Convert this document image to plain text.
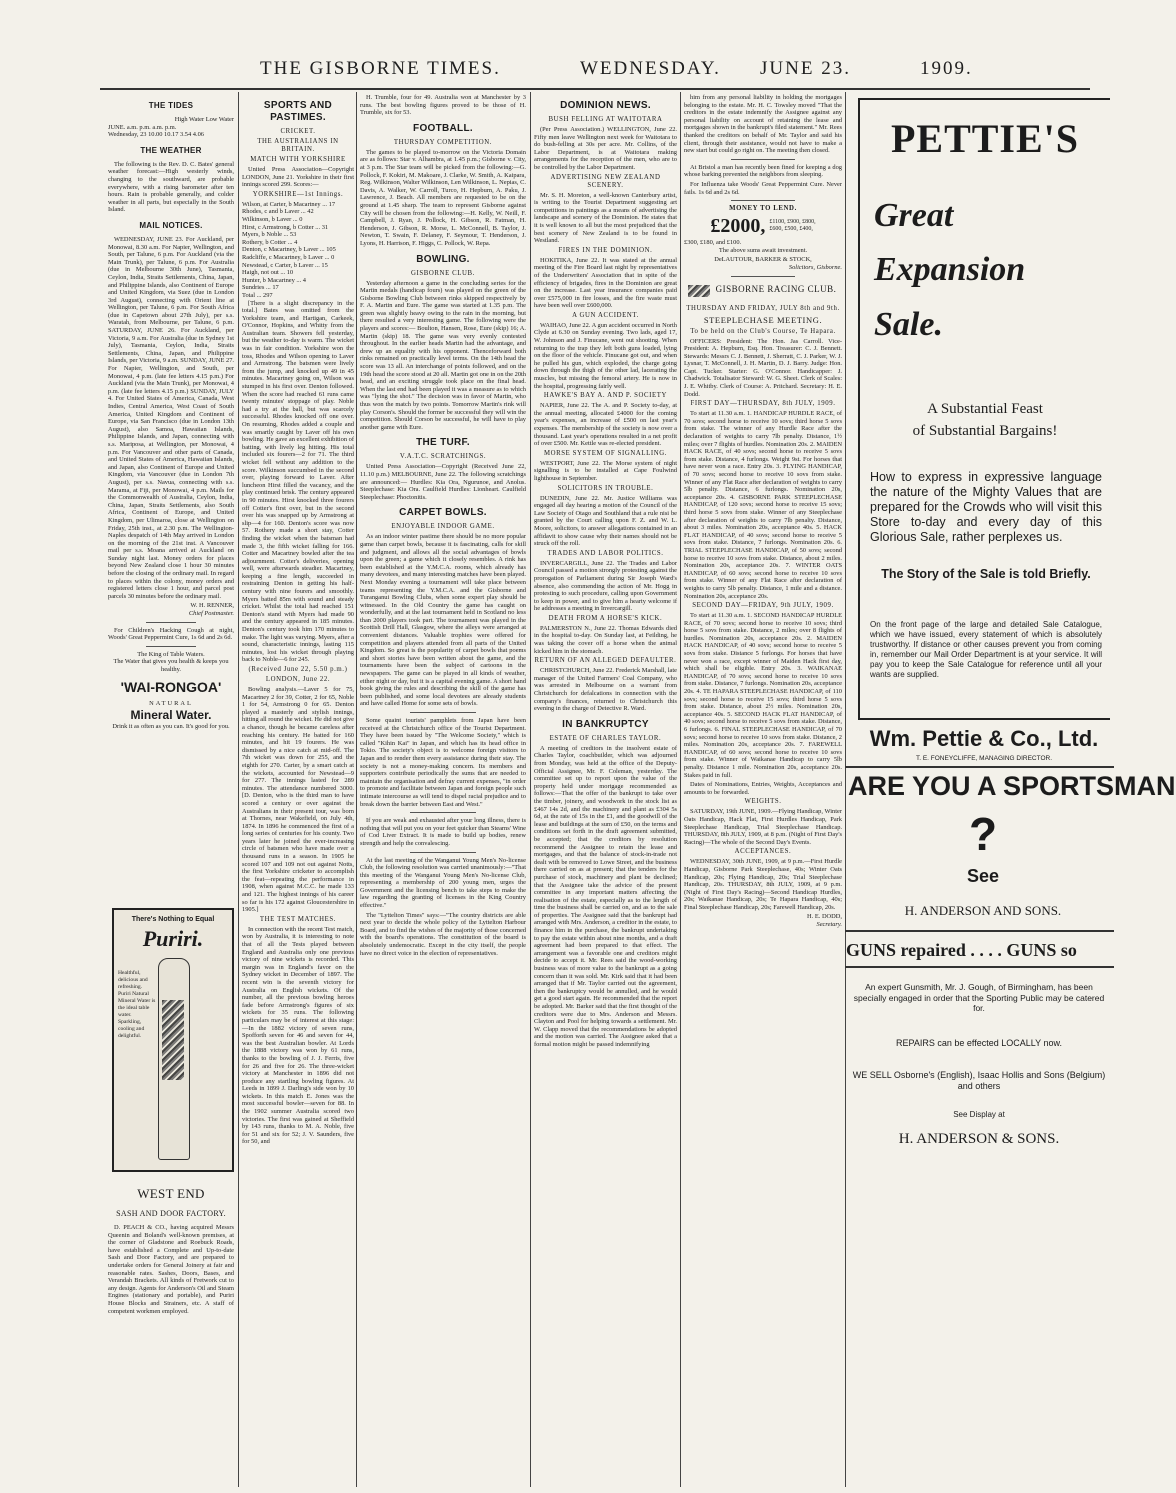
THE GISBORNE TIMES.	WEDNESDAY. JUNE 23.	1909.
THE TIDES
High Water Low Water
JUNE. a.m. p.m. a.m. p.m.
Wednesday, 23 10.00 10.17 3.54 4.06
THE WEATHER

The following is the Rev. D. C. Bates' general weather forecast:—High westerly winds, changing to the southward, are probable everywhere, with a rising barometer after ten hours. Rain is probable generally, and colder weather in all parts, but especially in the South Island.

MAIL NOTICES.

WEDNESDAY, JUNE 23. For Auckland, per Monowai, 8.30 a.m. For Napier, Wellington, and South, per Talune, 6 p.m. For Auckland (via the Main Trunk), per Talune, 6 p.m. For Australia (due in Melbourne 30th June), Tasmania, Ceylon, India, Straits Settlements, China, Japan, and Philippine Islands, also Continent of Europe and United Kingdom, via Suez (due in London 3rd August), connecting with Orient line at Wellington, per Talune, 6 p.m. For South Africa (due in Capetown about 27th July), per s.s. Waratah, from Melbourne, per Talune, 6 p.m. SATURDAY, JUNE 26. For Auckland, per Victoria, 9 a.m. For Australia (due in Sydney 1st July), Tasmania, Ceylon, India, Straits Settlements, China, Japan, and Philippine Islands, per Victoria, 9 a.m. SUNDAY, JUNE 27. For Napier, Wellington, and South, per Monowai, 4 p.m. (late fee letters 4.15 p.m.) For Auckland (via the Main Trunk), per Monowai, 4 p.m. (late fee letters 4.15 p.m.) SUNDAY, JULY 4. For United States of America, Canada, West Indies, Central America, West Coast of South America, United Kingdom and Continent of Europe, via San Francisco (due in London 13th August), also Samoa, Hawaiian Islands, Philippine Islands, and Japan, connecting with s.s. Mariposa, at Wellington, per Monowai, 4 p.m. For Vancouver and other parts of Canada, and United States of America, Hawaiian Islands, and Japan, also Continent of Europe and United Kingdom, via Vancouver (due in London 7th August), per s.s. Navua, connecting with s.s. Marama, at Fiji, per Monowai, 4 p.m. Mails for the Commonwealth of Australia, Ceylon, India, China, Japan, Straits Settlements, also South Africa, Continent of Europe, and United Kingdom, per Ulimaroa, close at Wellington on Friday, 25th inst., at 2.30 p.m. The Wellington-Naples despatch of 14th May arrived in London on the morning of the 21st inst. A Vancouver mail per s.s. Moana arrived at Auckland on Sunday night last. Money orders for places beyond New Zealand close 1 hour 30 minutes before the closing of the ordinary mail. In regard to places within the colony, money orders and registered letters close 1 hour, and parcel post parcels 30 minutes before the ordinary mail.

W. H. RENNER,
Chief Postmaster.

For Children's Hacking Cough at night, Woods' Great Peppermint Cure, 1s 6d and 2s 6d.

The King of Table Waters.
The Water that gives you health & keeps you healthy.
'WAI-RONGOA'
NATURAL
Mineral Water.
Drink it as often as you can. It's good for you.
There's Nothing to Equal
Puriri.
Healthful, delicious and refreshing. Puriri Natural Mineral Water is the ideal table water. Sparkling, cooling and delightful.
WEST END
SASH AND DOOR FACTORY.

D. PEACH & CO., having acquired Messrs Queenin and Boland's well-known premises, at the corner of Gladstone and Roebuck Roads, have established a Complete and Up-to-date Sash and Door Factory, and are prepared to undertake orders for General Joinery at fair and reasonable rates. Sashes, Doors, Bases, and Verandah Brackets. All kinds of Fretwork cut to any design. Agents for Anderson's Oil and Steam Engines (stationary and portable), and Puriri House Blocks and Strainers, etc. A staff of competent workmen employed.

SPORTS AND PASTIMES.
CRICKET.
THE AUSTRALIANS IN BRITAIN.
MATCH WITH YORKSHIRE

United Press Association—Copyright LONDON, June 21. Yorkshire in their first innings scored 299. Scores:—

YORKSHIRE—1st Innings.
Wilson, at Carter, b Macartney ... 17
Rhodes, c and b Laver ... 42
Wilkinson, b Laver ... 0
Hirst, c Armstrong, b Cotter ... 31
Myers, b Noble ... 53
Rothery, b Cotter ... 4
Denton, c Macartney, b Laver ... 105
Radcliffe, c Macartney, b Laver ... 0
Newstead, c Carter, b Laver ... 15
Haigh, not out ... 10
Hunter, b Macartney ... 4
Sundries ... 17
Total ... 297

[There is a slight discrepancy in the total.] Bates was omitted from the Yorkshire team, and Hartigan, Carkeek, O'Connor, Hopkins, and Whitty from the Australian team. Showers fell yesterday, but the weather to-day is warm. The wicket was in fair condition. Yorkshire won the toss, Rhodes and Wilson opening to Laver and Armstrong. The batsmen were lively from the jump, and knocked up 49 in 45 minutes. Macartney going on, Wilson was stumped in his first over. Denton followed. When the score had reached 61 runs came twenty minutes' stoppage of play. Noble had a try at the ball, but was scarcely successful. Rhodes knocked off one over. On resuming, Rhodes added a couple and was smartly caught by Laver off his own bowling. He gave an excellent exhibition of batting, with lively leg hitting. His total included six fourers—2 for 71. The third wicket fell without any addition to the score. Wilkinson succumbed in the second over, playing forward to Laver. After luncheon Hirst filled the vacancy, and the play continued brisk. The century appeared in 90 minutes. Hirst knocked three fourers off Cotter's first over, but in the second over his was snapped up by Armstrong at slip—4 for 160. Denton's score was now 57. Rothery made a short stay, Cotter finding the wicket when the batsman had made 3, the fifth wicket falling for 166. Cotter and Macartney bowled after the tea adjournment. Cotter's deliveries, opening well, were afterwards steadier. Macartney, keeping a fine length, succeeded in restraining Denton in getting his half-century with nine fourers and smoothly. Myers batted 85m with sound and steady cricket. Whilst the total had reached 151 Denton's stand with Myers had made 90 and the century appeared in 185 minutes. Denton's century took him 170 minutes to make. The light was varying. Myers, after a sound, characteristic innings, lasting 115 minutes, lost his wicket through playing back to Noble—6 for 245.

(Received June 22, 5.50 p.m.)
LONDON, June 22.

Bowling analysis.—Laver 5 for 75, Macartney 2 for 39, Cotter, 2 for 65, Noble 1 for 54, Armstrong 0 for 65. Denton played a masterly and stylish innings, hitting all round the wicket. He did not give a chance, though he became careless after reaching his century. He batted for 160 minutes, and hit 19 fourers. He was dismissed by a nice catch at mid-off. The 7th wicket was down for 255, and the eighth for 270. Carter, by a smart catch at the wickets, accounted for Newstead—9 for 277. The innings lasted for 289 minutes. The attendance numbered 3000. [D. Denton, who is the third man to have scored a century or over against the Australians in their present tour, was born at Thornes, near Wakefield, on July 4th, 1874. In 1896 he commenced the first of a long series of centuries for his county. Two years later he joined the ever-increasing circle of batsmen who have made over a thousand runs in a season. In 1905 he scored 107 and 109 not out against Notts, the first Yorkshire cricketer to accomplish the feat—repeating the performance in 1908, when against M.C.C. he made 133 and 121. The highest innings of his career so far is his 172 against Gloucestershire in 1905.]

THE TEST MATCHES.

In connection with the recent Test match, won by Australia, it is interesting to note that of all the Tests played between England and Australia only one previous victory of nine wickets is recorded. This margin was in England's favor on the Sydney wicket in December of 1897. The recent win is the seventh victory for Australia on English wickets. Of the number, all the previous bowling heroes fade before Armstrong's figures of six wickets for 35 runs. The following particulars may be of interest at this stage:—In the 1882 victory of seven runs, Spofforth seven for 46 and seven for 44, was the best Australian bowler. At Lords the 1888 victory was won by 61 runs, thanks to the bowling of J. J. Ferris, five for 26 and five for 26. The three-wicket victory at Manchester in 1896 did not produce any startling bowling figures. At Leeds in 1899 J. Darling's side won by 10 wickets. In this match E. Jones was the most successful bowler—seven for 88. In the 1902 summer Australia scored two victories. The first was gained at Sheffield by 143 runs, thanks to M. A. Noble, five for 51 and six for 52; J. V. Saunders, five for 50, and

H. Trumble, four for 49. Australia won at Manchester by 3 runs. The best bowling figures proved to be those of H. Trumble, six for 53.

FOOTBALL.
THURSDAY COMPETITION.

The games to be played to-morrow on the Victoria Domain are as follows: Star v. Alhambra, at 1.45 p.m.; Gisborne v. City, at 3 p.m. The Star team will be picked from the following:—G. Pollock, F. Kokiri, M. Makoare, J. Clarke, W. Smith, A. Kaipara, Reg. Wilkinson, Walter Wilkinson, Len Wilkinson, L. Nepias, C. Davis, A. Walker, W. Carroll, Turco, H. Hepburn, A. Paku, J. Lawrence, J. Beach. All members are requested to be on the ground at 1.45 sharp. The team to represent Gisborne against City will be chosen from the following:—H. Kelly, W. Neill, F. Campbell, J. Ryan, J. Pollock, H. Gibson, R. Fatman, H. Henderson, J. Gibson, R. Morse, L. McConnell, B. Taylor, J. Newton, T. Swain, F. Delaney, F. Seymour, T. Henderson, J. Lyons, H. Harrison, F. Higgs, C. Pollock, W. Repa.

BOWLING.
GISBORNE CLUB.

Yesterday afternoon a game in the concluding series for the Martin medals (handicap fours) was played on the green of the Gisborne Bowling Club between rinks skipped respectively by F. A. Martin and Eure. The game was started at 1.35 p.m. The green was slightly heavy owing to the rain in the morning, but there resulted a very interesting game. The following were the players and scores:— Boulton, Hansen, Rose, Eure (skip) 16; A. Martin (skip) 18. The game was very evenly contested throughout. In the earlier heads Martin had the advantage, and drew up an equality with his opponent. Thenceforward both rinks remained on practically level terms. On the 14th head the score was 13 all. An interchange of points followed, and on the 19th head the score stood at 20 all. Martin got one in on the 20th head, and an exciting struggle took place on the final head. When the last end had been played it was a measure as to which was "lying the shot." The decision was in favor of Martin, who thus won the match by two points. Tomorrow Martin's rink will play Corson's. Should the former be successful they will win the competition. Should Corson be successful, he will have to play another game with Eure.

THE TURF.
V.A.T.C. SCRATCHINGS.

United Press Association—Copyright (Received June 22, 11.10 p.m.) MELBOURNE, June 22. The following scratchings are announced:— Hurdles: Kia Ora, Ngurunoe, and Anolus. Steeplechase: Kia Ora. Caulfield Hurdles: Lionheart. Caulfield Steeplechase: Phoctonitis.

CARPET BOWLS.
ENJOYABLE INDOOR GAME.

As an indoor winter pastime there should be no more popular game than carpet bowls, because it is fascinating, calls for skill and judgment, and allows all the social advantages of bowls upon the green; a game which it closely resembles. A rink has been established at the Y.M.C.A. rooms, which already has many devotees, and many interesting matches have been played. Next Monday evening a tournament will take place between teams representing the Y.M.C.A. and the Gisborne and Turanganui Bowling Clubs, when some expert play should be witnessed. In the Old Country the game has caught on wonderfully, and at the last tournament held in Scotland no less than 2000 players took part. The tournament was played in the Scottish Drill Hall, Glasgow, where the alleys were arranged at convenient distances. Valuable trophies were offered for competition and players attended from all parts of the United Kingdom. So great is the popularity of carpet bowls that poems and short stories have been written about the game, and the tournaments have been the subject of cartoons in the newspapers. The game can be played in all kinds of weather, either night or day, but it is a capital evening game. A short hand book giving the rules and describing the skill of the game has been published, and some local devotees are already students and have called Home for some sets of bowls.

Some quaint tourists' pamphlets from Japan have been received at the Christchurch office of the Tourist Department. They have been issued by "The Welcome Society," which is called "Kihin Kai" in Japan, and which has its head office in Tokio. The society's object is to welcome foreign visitors to Japan and to render them every assistance during their stay. The society is not a money-making concern. Its members and supporters contribute periodically the sums that are needed to maintain the organisation and defray current expenses, "in order to promote and facilitate between Japan and foreign people such intimate intercourse as will tend to dispel racial prejudice and to break down the barrier between East and West."

If you are weak and exhausted after your long illness, there is nothing that will put you on your feet quicker than Stearns' Wine of Cod Liver Extract. It is made to build up bodies, renew strength and help the convalescing.

At the last meeting of the Wanganui Young Men's No-license Club, the following resolution was carried unanimously:—"That this meeting of the Wanganui Young Men's No-license Club, representing a membership of 200 young men, urges the Government and the licensing bench to take steps to make the law regarding the granting of licenses in the King Country effective."

The "Lyttelton Times" says:—"The country districts are able next year to decide the whole policy of the Lyttelton Harbour Board, and to find the wishes of the majority of those concerned with the board's operations. The constitution of the board is absolutely undemocratic. Except in the city itself, the people have no direct voice in the election of representatives.

DOMINION NEWS.
BUSH FELLING AT WAITOTARA

(Per Press Association.) WELLINGTON, June 22. Fifty men leave Wellington next week for Waitotara to do bush-felling at 30s per acre. Mr. Collins, of the Labor Department, is at Waitotara making arrangements for the reception of the men, who are to be controlled by the Labor Department.

ADVERTISING NEW ZEALAND SCENERY.

Mr. S. H. Moreton, a well-known Canterbury artist, is writing to the Tourist Department suggesting art competitions in paintings as a means of advertising the landscape and scenery of the Dominion. He states that it is well known to all but the most prejudiced that the best scenery of New Zealand is to be found in Westland.

FIRES IN THE DOMINION.

HOKITIKA, June 22. It was stated at the annual meeting of the Fire Board last night by representatives of the Underwriters' Association that in spite of the efficiency of brigades, fires in the Dominion are great on the increase. Last year insurance companies paid over £575,000 in fire losses, and the fire waste must have been well over £600,000.

A GUN ACCIDENT.

WAIHAO, June 22. A gun accident occurred in North Clyde at 6.30 on Sunday evening. Two lads, aged 17, W. Johnson and J. Finucane, went out shooting. When returning to the trap they left both guns loaded, lying on the floor of the vehicle. Finucane got out, and when he pulled his gun, which exploded, the charge going down through the thigh of the other lad, lacerating the muscles, but missing the femoral artery. He is now in the hospital, progressing fairly well.

HAWKE'S BAY A. AND P. SOCIETY

NAPIER, June 22. The A. and P. Society to-day, at the annual meeting, allocated £4000 for the coming year's expenses, an increase of £500 on last year's expenses. The membership of the society is now over a thousand. Last year's operations resulted in a net profit of over £500. Mr. Kettle was re-elected president.

MORSE SYSTEM OF SIGNALLING.

WESTPORT, June 22. The Morse system of night signalling is to be installed at Cape Foulwind lighthouse in September.

SOLICITORS IN TROUBLE.

DUNEDIN, June 22. Mr. Justice Williams was engaged all day hearing a motion of the Council of the Law Society of Otago and Southland that a rule nisi be granted by the Court calling upon F. Z. and W. L. Moore, solicitors, to answer allegations contained in an affidavit to show cause why their names should not be struck off the roll.

TRADES AND LABOR POLITICS.

INVERCARGILL, June 22. The Trades and Labor Council passed a motion strongly protesting against the prorogation of Parliament during Sir Joseph Ward's absence, also commending the action of Mr. Hogg in protesting to such procedure, calling upon Government to keep in power, and to give him a hearty welcome if he addresses a meeting in Invercargill.

DEATH FROM A HORSE'S KICK.

PALMERSTON N., June 22. Thomas Edwards died in the hospital to-day. On Sunday last, at Feilding, he was taking the cover off a horse when the animal kicked him in the stomach.

RETURN OF AN ALLEGED DEFAULTER.

CHRISTCHURCH, June 22. Frederick Marshall, late manager of the United Farmers' Coal Company, who was arrested in Melbourne on a warrant from Christchurch for defalcations in connection with the company's finances, returned to Christchurch this evening in the charge of Detective R. Ward.

IN BANKRUPTCY
ESTATE OF CHARLES TAYLOR.

A meeting of creditors in the insolvent estate of Charles Taylor, coachbuilder, which was adjourned from Monday, was held at the office of the Deputy-Official Assignee, Mr. F. Coleman, yesterday. The committee set up to report upon the value of the property held under mortgage recommended as follows:—That the offer of the bankrupt to take over the timber, joinery, and woodwork in the stock list as £467 14s 2d, and the machinery and plant as £304 5s 6d, at the rate of 15s in the £1, and the goodwill of the lease and buildings at the sum of £50, on the terms and conditions set forth in the draft agreement submitted, be accepted; that the creditors by resolution recommend the Assignee to retain the lease and mortgages, and that the balance of stock-in-trade not dealt with be removed to Lowe Street, and the business there carried on as at present; that the tenders for the purchase of stock, machinery and plant be declined; that the Assignee take the advice of the present committee in any important matters affecting the realisation of the estate, especially as to the length of time the business shall be carried on, and as to the sale of properties. The Assignee said that the bankrupt had arranged with Mrs. Anderson, a creditor in the estate, to finance him in the purchase, the bankrupt undertaking to pay the estate within about nine months, and a draft agreement had been prepared to that effect. The arrangement was a favorable one and creditors might decide to accept it. Mr. Rees said the wood-working business was of more value to the bankrupt as a going concern than it was sold. Mr. Kirk said that it had been arranged that if Mr. Taylor carried out the agreement, then the bankruptcy would be annulled, and he would get a good start again. He recommended that the report be adopted. Mr. Barker said that the first thought of the creditors were due to Mrs. Anderson and Messrs. Clayton and Pool for helping towards a settlement. Mr. W. Clapp moved that the recommendations be adopted and the motion was carried. The Assignee asked that a formal motion might be passed indemnifying

him from any personal liability in holding the mortgages belonging to the estate. Mr. H. C. Towsley moved "That the creditors in the estate indemnify the Assignee against any personal liability on account of retaining the lease and mortgages shown in the bankrupt's filed statement." Mr. Rees thanked the creditors on behalf of Mr. Taylor and said his client, through their assistance, would not have to make a new start but could go right on. The meeting then closed.

At Bristol a man has recently been fined for keeping a dog whose barking prevented the neighbors from sleeping.

For Influenza take Woods' Great Peppermint Cure. Never fails. 1s 6d and 2s 6d.

MONEY TO LEND.
£2000, £1100, £900, £800,
£600, £500, £400,
£300, £180, and £100.
The above sums await investment.
DeLAUTOUR, BARKER & STOCK,
Solicitors, Gisborne.
GISBORNE RACING CLUB.
THURSDAY AND FRIDAY, JULY 8th and 9th.
STEEPLECHASE MEETING.
To be held on the Club's Course, Te Hapara.

OFFICERS: President: The Hon. Jas Carroll. Vice-President: A. Hepburn, Esq. Hon. Treasurer: C. J. Bennett. Stewards: Messrs C. J. Bennett, J. Sherratt, C. J. Parker, W. J. Lysnar, T. McConnell, J. H. Martin, D. J. Barry. Judge: Hon. Capt. Tucker. Starter: G. O'Connor. Handicapper: J. Chadwick. Totalisator Steward: W. G. Sheet. Clerk of Scales: J. E. Whitby. Clerk of Course: A. Pritchard. Secretary: H. E. Dodd.

FIRST DAY—THURSDAY, 8th JULY, 1909.

To start at 11.30 a.m. 1. HANDICAP HURDLE RACE, of 70 sovs; second horse to receive 10 sovs; third horse 5 sovs from stake. The winner of any Hurdle Race after the declaration of weights to carry 7lb penalty. Distance, 1½ miles; over 7 flights of hurdles. Nomination 20s. 2. MAIDEN HACK RACE, of 40 sovs; second horse to receive 5 sovs from stake. Distance, 4 furlongs. Weight 9st. For horses that have never won a race. Entry 20s. 3. FLYING HANDICAP, of 70 sovs; second horse to receive 10 sovs from stake. Winner of any Flat Race after declaration of weights to carry 5lb penalty. Distance, 6 furlongs. Nomination 20s, acceptance 20s. 4. GISBORNE PARK STEEPLECHASE HANDICAP, of 120 sovs; second horse to receive 15 sovs; third horse 5 sovs from stake. Winner of any Steeplechase after declaration of weights to carry 7lb penalty. Distance, about 3 miles. Nomination 20s, acceptance 40s. 5. HACK FLAT HANDICAP, of 40 sovs; second horse to receive 5 sovs from stake. Distance, 7 furlongs. Nomination 20s. 6. TRIAL STEEPLECHASE HANDICAP, of 50 sovs; second horse to receive 10 sovs from stake. Distance, about 2 miles. Nomination 20s, acceptance 20s. 7. WINTER OATS HANDICAP, of 60 sovs; second horse to receive 10 sovs from stake. Winner of any Flat Race after declaration of weights to carry 5lb penalty. Distance, 1 mile and a distance. Nomination 20s, acceptance 20s.

SECOND DAY—FRIDAY, 9th JULY, 1909.

To start at 11.30 a.m. 1. SECOND HANDICAP HURDLE RACE, of 70 sovs; second horse to receive 10 sovs; third horse 5 sovs from stake. Distance, 2 miles; over 8 flights of hurdles. Nomination 20s, acceptance 20s. 2. MAIDEN HACK HANDICAP, of 40 sovs; second horse to receive 5 sovs from stake. Distance 5 furlongs. For horses that have never won a race, except winner of Maiden Hack first day, which shall be eligible. Entry 20s. 3. WAIKANAE HANDICAP, of 70 sovs; second horse to receive 10 sovs from stake. Distance, 7 furlongs. Nomination 20s, acceptance 20s. 4. TE HAPARA STEEPLECHASE HANDICAP, of 110 sovs; second horse to receive 15 sovs; third horse 5 sovs from stake. Distance, about 2½ miles. Nomination 20s, acceptance 40s. 5. SECOND HACK FLAT HANDICAP, of 40 sovs; second horse to receive 5 sovs from stake. Distance, 6 furlongs. 6. FINAL STEEPLECHASE HANDICAP, of 70 sovs; second horse to receive 10 sovs from stake. Distance, 2 miles. Nomination 20s, acceptance 20s. 7. FAREWELL HANDICAP, of 60 sovs; second horse to receive 10 sovs from stake. Winner of Waikanae Handicap to carry 5lb penalty. Distance 1 mile. Nomination 20s, acceptance 20s. Stakes paid in full.

Dates of Nominations, Entries, Weights, Acceptances and amounts to be forwarded.

WEIGHTS.

SATURDAY, 19th JUNE, 1909.—Flying Handicap, Winter Oats Handicap, Hack Flat, First Hurdles Handicap, Park Steeplechase Handicap, Trial Steeplechase Handicap. THURSDAY, 8th JULY, 1909, at 8 p.m. (Night of First Day's Racing)—The whole of the Second Day's Events.

ACCEPTANCES.

WEDNESDAY, 30th JUNE, 1909, at 9 p.m.—First Hurdle Handicap, Gisborne Park Steeplechase, 40s; Winter Oats Handicap, 20s; Flying Handicap, 20s; Trial Steeplechase Handicap, 20s. THURSDAY, 8th JULY, 1909, at 9 p.m. (Night of First Day's Racing)—Second Handicap Hurdles, 20s; Waikanae Handicap, 20s; Te Hapara Handicap, 40s; Final Steeplechase Handicap, 20s; Farewell Handicap, 20s.

H. E. DODD,
Secretary.
PETTIE'S
Great
Expansion
Sale.
A Substantial Feast
of Substantial Bargains!
How to express in expressive language the nature of the Mighty Values that are prepared for the Crowds who will visit this Store to-day and every day of this Glorious Sale, rather perplexes us.
The Story of the Sale is told Briefly.
On the front page of the large and detailed Sale Catalogue, which we have issued, every statement of which is absolutely trustworthy. If distance or other causes prevent you from coming in, remember our Mail Order Department is at your service. It will pay you to keep the Sale Catalogue for reference until all your wants are supplied.
Wm. Pettie & Co., Ltd.
T. E. FONEYCLIFFE, MANAGING DIRECTOR.
ARE YOU A SPORTSMAN
?
See
H. ANDERSON AND SONS.
GUNS repaired . . . . GUNS so
An expert Gunsmith, Mr. J. Gough, of Birmingham, has been specially engaged in order that the Sporting Public may be catered for.
REPAIRS can be effected LOCALLY now.
WE SELL Osborne's (English), Isaac Hollis and Sons (Belgium) and others
See Display at
H. ANDERSON & SONS.
